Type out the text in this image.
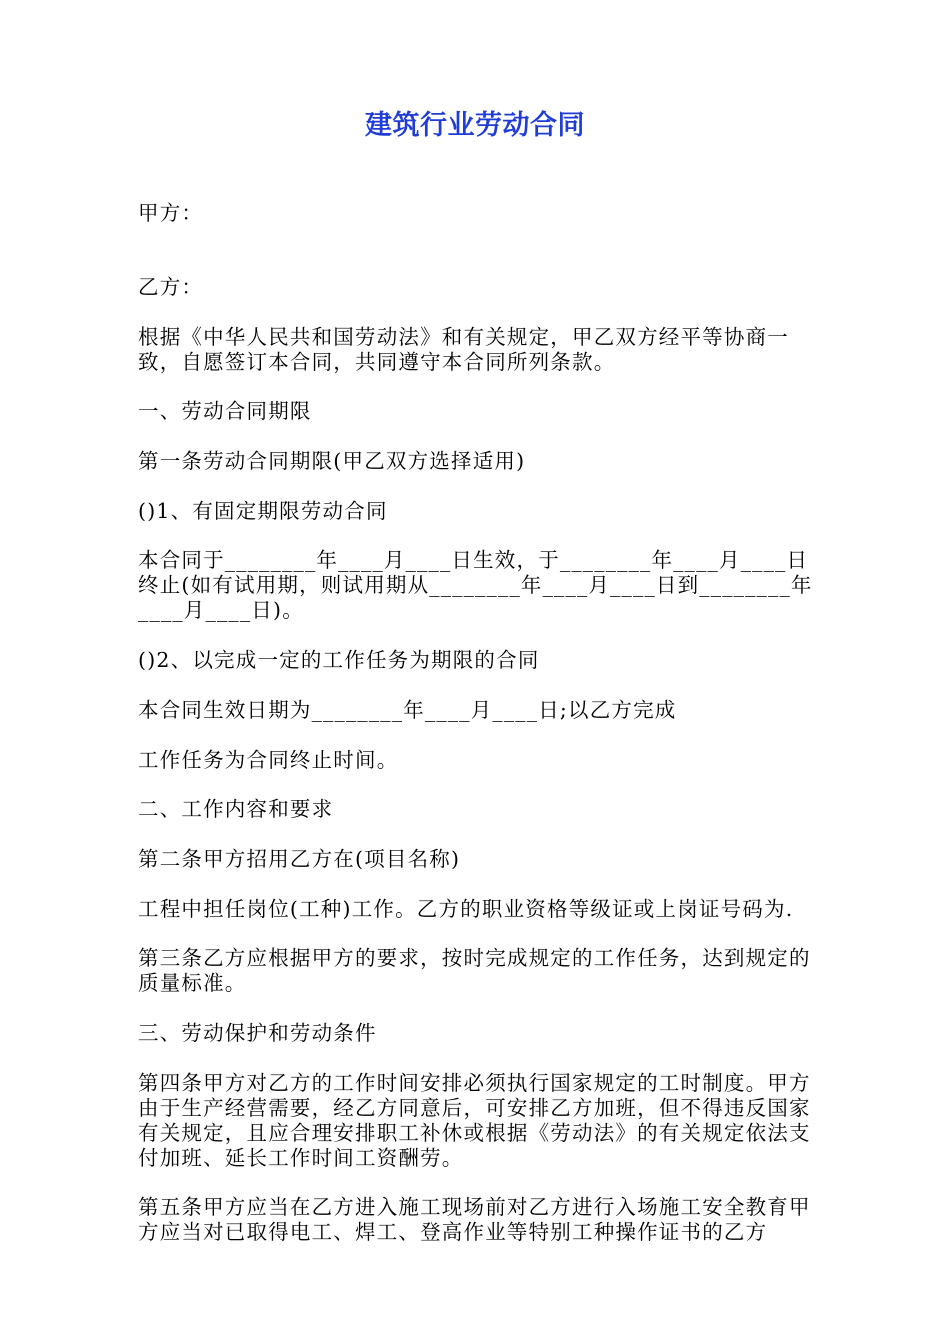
建筑行业劳动合同
甲方：
乙方：
根据《中华人民共和国劳动法》和有关规定，甲乙双方经平等协商一致，自愿签订本合同，共同遵守本合同所列条款。
一、劳动合同期限
第一条劳动合同期限(甲乙双方选择适用)
()1、有固定期限劳动合同
本合同于________年____月____日生效，于________年____月____日终止(如有试用期，则试用期从________年____月____日到________年____月____日)。
()2、以完成一定的工作任务为期限的合同
本合同生效日期为________年____月____日;以乙方完成
工作任务为合同终止时间。
二、工作内容和要求
第二条甲方招用乙方在(项目名称)
工程中担任岗位(工种)工作。乙方的职业资格等级证或上岗证号码为.
第三条乙方应根据甲方的要求，按时完成规定的工作任务，达到规定的质量标准。
三、劳动保护和劳动条件
第四条甲方对乙方的工作时间安排必须执行国家规定的工时制度。甲方由于生产经营需要，经乙方同意后，可安排乙方加班，但不得违反国家有关规定，且应合理安排职工补休或根据《劳动法》的有关规定依法支付加班、延长工作时间工资酬劳。
第五条甲方应当在乙方进入施工现场前对乙方进行入场施工安全教育甲方应当对已取得电工、焊工、登高作业等特别工种操作证书的乙方
